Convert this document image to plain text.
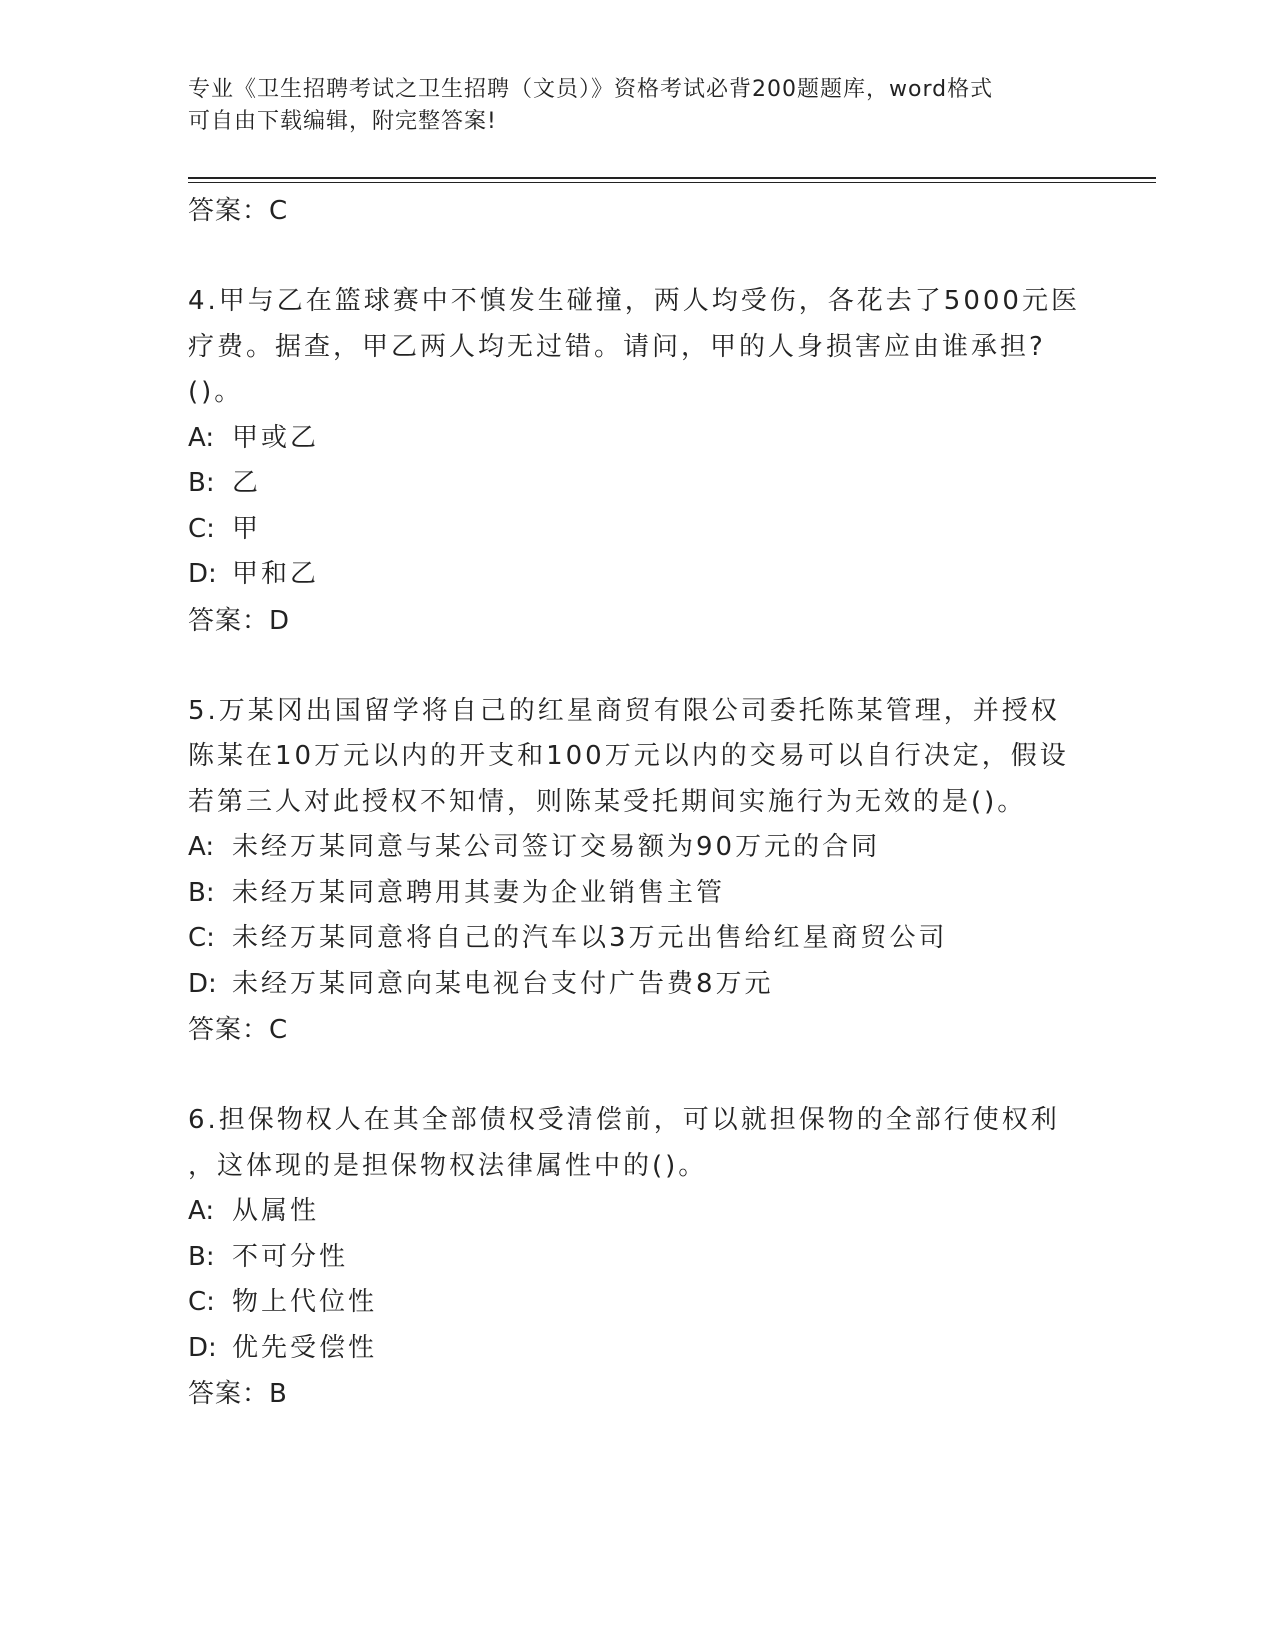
专业《卫生招聘考试之卫生招聘（文员）》资格考试必背200题题库，word格式
可自由下载编辑，附完整答案!
答案：C
4.甲与乙在篮球赛中不慎发生碰撞，两人均受伤，各花去了5000元医
疗费。据查，甲乙两人均无过错。请问，甲的人身损害应由谁承担?
()。
A: 甲或乙
B: 乙
C: 甲
D: 甲和乙
答案：D
5.万某冈出国留学将自己的红星商贸有限公司委托陈某管理，并授权
陈某在10万元以内的开支和100万元以内的交易可以自行决定，假设
若第三人对此授权不知情，则陈某受托期间实施行为无效的是()。
A: 未经万某同意与某公司签订交易额为90万元的合同
B: 未经万某同意聘用其妻为企业销售主管
C: 未经万某同意将自己的汽车以3万元出售给红星商贸公司
D: 未经万某同意向某电视台支付广告费8万元
答案：C
6.担保物权人在其全部债权受清偿前，可以就担保物的全部行使权利
，这体现的是担保物权法律属性中的()。
A: 从属性
B: 不可分性
C: 物上代位性
D: 优先受偿性
答案：B
